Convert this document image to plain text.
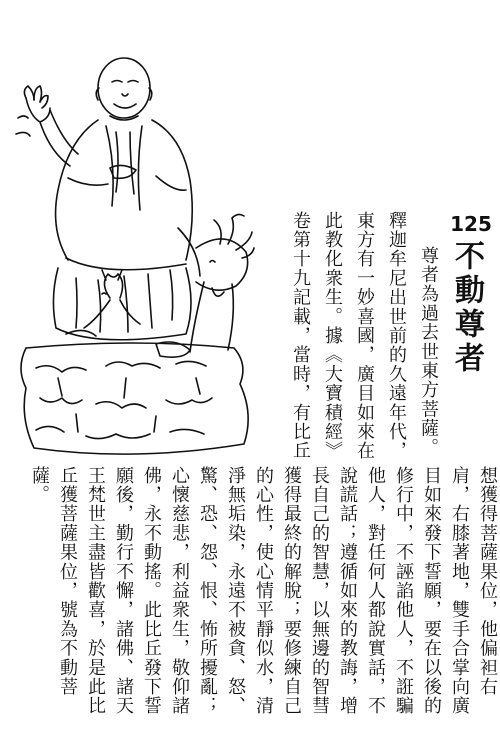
125
不動尊者
尊者為過去世東方菩薩。
釋迦牟尼出世前的久遠年代，
東方有一妙喜國，廣目如來在
此教化衆生。據《大寶積經》
卷第十九記載，當時，有比丘
想獲得菩薩果位，他偏袒右
肩，右膝著地，雙手合掌向廣
目如來發下誓願，要在以後的
修行中，不誣諂他人，不誑騙
他人，對任何人都說實話，不
說謊話；遵循如來的教誨，增
長自己的智慧，以無邊的智彗
獲得最終的解脫；要修練自己
的心性，使心情平靜似水，清
淨無垢染，永遠不被貪、怒、
驚、恐、怨、恨、怖所擾亂；
心懷慈悲，利益衆生，敬仰諸
佛，永不動搖。此比丘發下誓
願後，勤行不懈，諸佛、諸天
王梵世主盡皆歡喜，於是此比
丘獲菩薩果位，號為不動菩
薩。
